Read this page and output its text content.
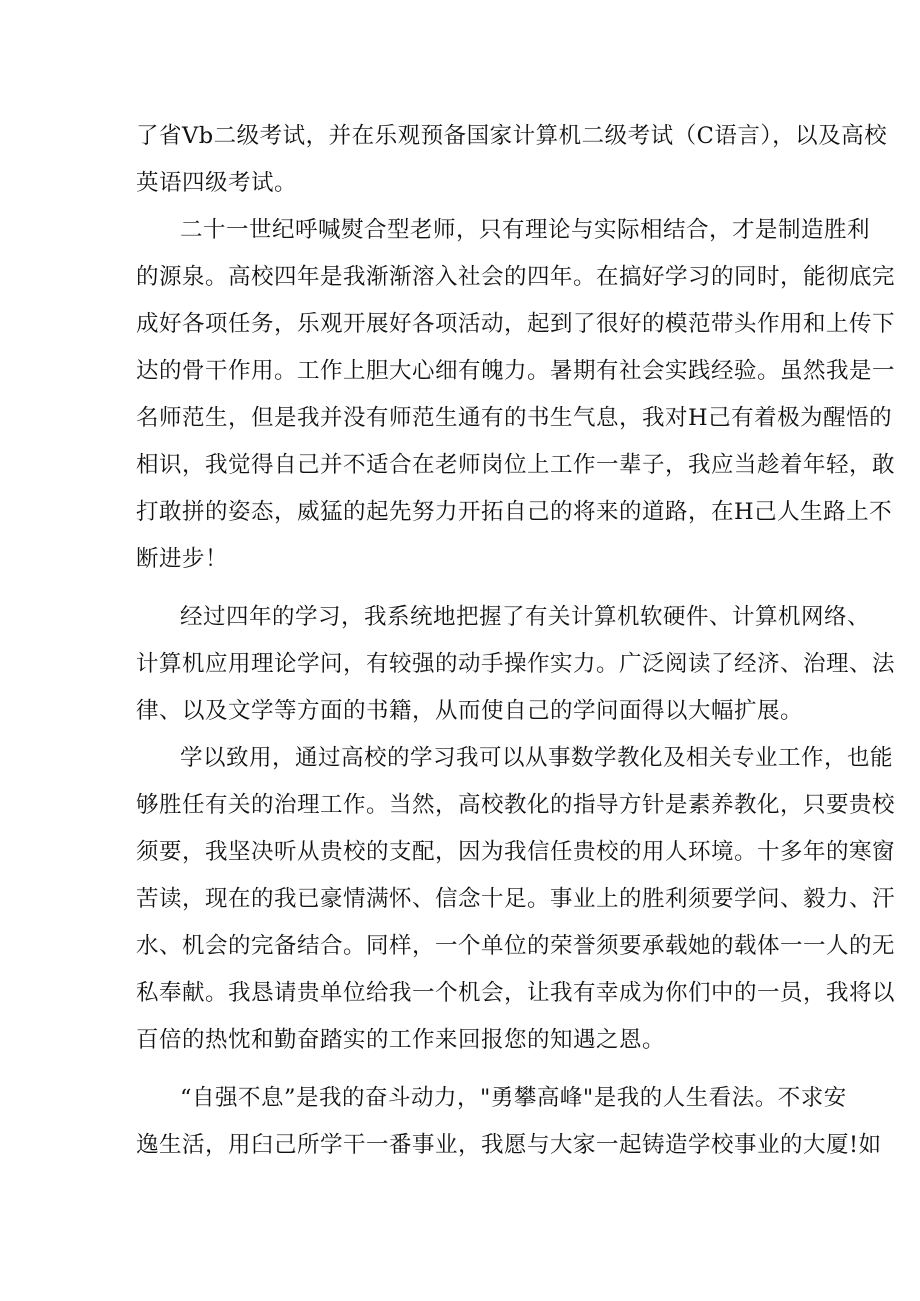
了省Vb二级考试，并在乐观预备国家计算机二级考试（C语言），以及高校
英语四级考试。
二十一世纪呼喊熨合型老师，只有理论与实际相结合，才是制造胜利
的源泉。高校四年是我渐渐溶入社会的四年。在搞好学习的同时，能彻底完
成好各项任务，乐观开展好各项活动，起到了很好的模范带头作用和上传下
达的骨干作用。工作上胆大心细有魄力。暑期有社会实践经验。虽然我是一
名师范生，但是我并没有师范生通有的书生气息，我对H己有着极为醒悟的
相识，我觉得自己并不适合在老师岗位上工作一辈子，我应当趁着年轻，敢
打敢拼的姿态，威猛的起先努力开拓自己的将来的道路，在H己人生路上不
断进步！
经过四年的学习，我系统地把握了有关计算机软硬件、计算机网络、
计算机应用理论学问，有较强的动手操作实力。广泛阅读了经济、治理、法
律、以及文学等方面的书籍，从而使自己的学问面得以大幅扩展。
学以致用，通过高校的学习我可以从事数学教化及相关专业工作，也能
够胜任有关的治理工作。当然，高校教化的指导方针是素养教化，只要贵校
须要，我坚决听从贵校的支配，因为我信任贵校的用人环境。十多年的寒窗
苦读，现在的我已豪情满怀、信念十足。事业上的胜利须要学问、毅力、汗
水、机会的完备结合。同样，一个单位的荣誉须要承载她的载体一一人的无
私奉献。我恳请贵单位给我一个机会，让我有幸成为你们中的一员，我将以
百倍的热忱和勤奋踏实的工作来回报您的知遇之恩。
“自强不息”是我的奋斗动力，"勇攀高峰"是我的人生看法。不求安
逸生活，用臼己所学干一番事业，我愿与大家一起铸造学校事业的大厦!如
